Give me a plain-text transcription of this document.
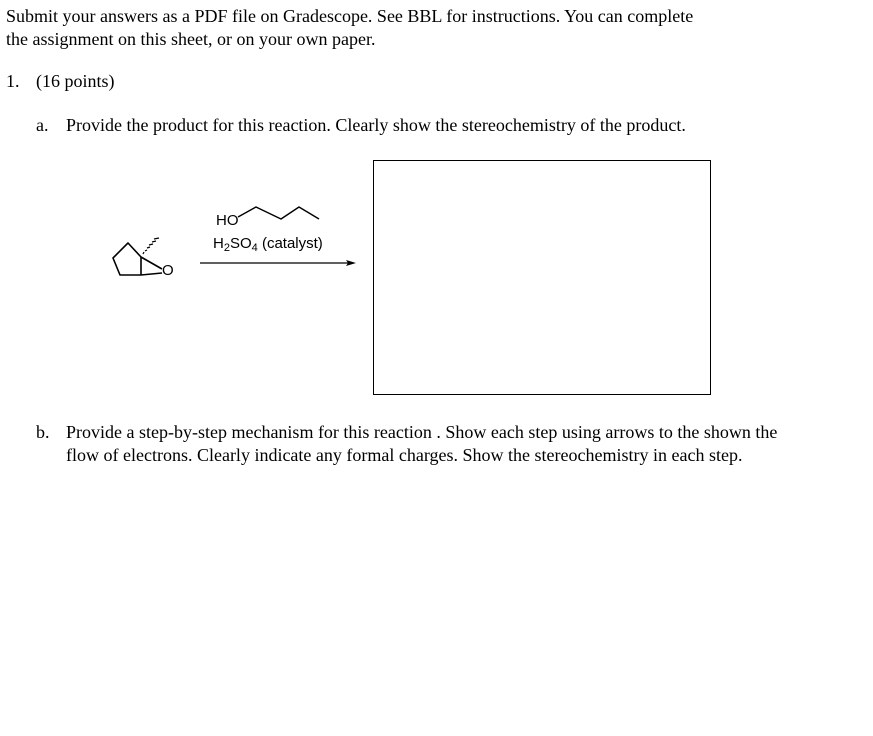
Submit your answers as a PDF file on Gradescope. See BBL for instructions. You can complete
the assignment on this sheet, or on your own paper.
1. (16 points)
a. Provide the product for this reaction. Clearly show the stereochemistry of the product.
HO
$H_2SO_4$ (catalyst)
O
b. Provide a step-by-step mechanism for this reaction . Show each step using arrows to the shown the flow of electrons. Clearly indicate any formal charges. Show the stereochemistry in each step.
